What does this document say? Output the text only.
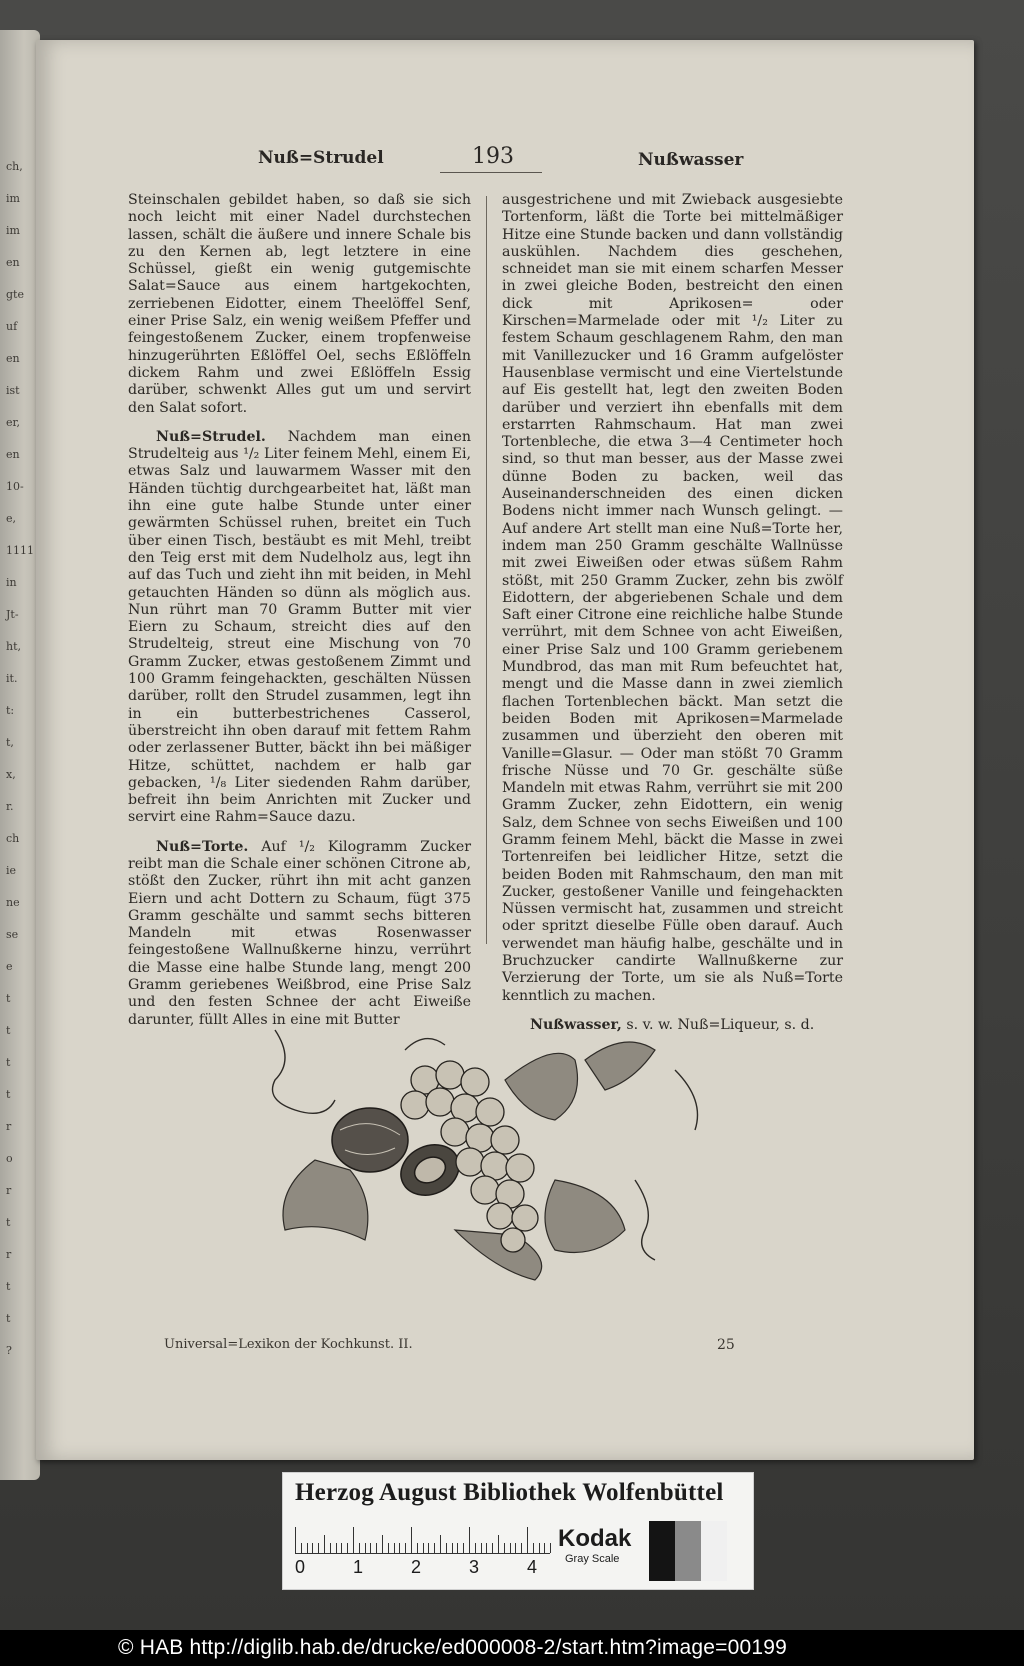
ch,
im
im
en
gte
uf
en
ist
er,
en
10-
e,
1111
in
Jt-
ht,
it.
t:
t,
x,
r.
ch
ie
ne
se
e
t
t
t
t
r
o
r
t
r
t
t
?
Nuß=Strudel	193	Nußwasser

Steinschalen gebildet haben, so daß sie sich noch leicht mit einer Nadel durchstechen lassen, schält die äußere und innere Schale bis zu den Kernen ab, legt letztere in eine Schüssel, gießt ein wenig gutgemischte Salat=Sauce aus einem hartgekochten, zerriebenen Eidotter, einem Theelöffel Senf, einer Prise Salz, ein wenig weißem Pfeffer und feingestoßenem Zucker, einem tropfenweise hinzugerührten Eßlöffel Oel, sechs Eßlöffeln dickem Rahm und zwei Eßlöffeln Essig darüber, schwenkt Alles gut um und servirt den Salat sofort.

Nuß=Strudel. Nachdem man einen Strudelteig aus ¹/₂ Liter feinem Mehl, einem Ei, etwas Salz und lauwarmem Wasser mit den Händen tüchtig durchgearbeitet hat, läßt man ihn eine gute halbe Stunde unter einer gewärmten Schüssel ruhen, breitet ein Tuch über einen Tisch, bestäubt es mit Mehl, treibt den Teig erst mit dem Nudelholz aus, legt ihn auf das Tuch und zieht ihn mit beiden, in Mehl getauchten Händen so dünn als möglich aus. Nun rührt man 70 Gramm Butter mit vier Eiern zu Schaum, streicht dies auf den Strudelteig, streut eine Mischung von 70 Gramm Zucker, etwas gestoßenem Zimmt und 100 Gramm feingehackten, geschälten Nüssen darüber, rollt den Strudel zusammen, legt ihn in ein butterbestrichenes Casserol, überstreicht ihn oben darauf mit fettem Rahm oder zerlassener Butter, bäckt ihn bei mäßiger Hitze, schüttet, nachdem er halb gar gebacken, ¹/₈ Liter siedenden Rahm darüber, befreit ihn beim Anrichten mit Zucker und servirt eine Rahm=Sauce dazu.

Nuß=Torte. Auf ¹/₂ Kilogramm Zucker reibt man die Schale einer schönen Citrone ab, stößt den Zucker, rührt ihn mit acht ganzen Eiern und acht Dottern zu Schaum, fügt 375 Gramm geschälte und sammt sechs bitteren Mandeln mit etwas Rosenwasser feingestoßene Wallnußkerne hinzu, verrührt die Masse eine halbe Stunde lang, mengt 200 Gramm geriebenes Weißbrod, eine Prise Salz und den festen Schnee der acht Eiweiße darunter, füllt Alles in eine mit Butter

ausgestrichene und mit Zwieback ausgesiebte Tortenform, läßt die Torte bei mittelmäßiger Hitze eine Stunde backen und dann vollständig auskühlen. Nachdem dies geschehen, schneidet man sie mit einem scharfen Messer in zwei gleiche Boden, bestreicht den einen dick mit Aprikosen= oder Kirschen=Marmelade oder mit ¹/₂ Liter zu festem Schaum geschlagenem Rahm, den man mit Vanillezucker und 16 Gramm aufgelöster Hausenblase vermischt und eine Viertelstunde auf Eis gestellt hat, legt den zweiten Boden darüber und verziert ihn ebenfalls mit dem erstarrten Rahmschaum. Hat man zwei Tortenbleche, die etwa 3—4 Centimeter hoch sind, so thut man besser, aus der Masse zwei dünne Boden zu backen, weil das Auseinanderschneiden des einen dicken Bodens nicht immer nach Wunsch gelingt. — Auf andere Art stellt man eine Nuß=Torte her, indem man 250 Gramm geschälte Wallnüsse mit zwei Eiweißen oder etwas süßem Rahm stößt, mit 250 Gramm Zucker, zehn bis zwölf Eidottern, der abgeriebenen Schale und dem Saft einer Citrone eine reichliche halbe Stunde verrührt, mit dem Schnee von acht Eiweißen, einer Prise Salz und 100 Gramm geriebenem Mundbrod, das man mit Rum befeuchtet hat, mengt und die Masse dann in zwei ziemlich flachen Tortenblechen bäckt. Man setzt die beiden Boden mit Aprikosen=Marmelade zusammen und überzieht den oberen mit Vanille=Glasur. — Oder man stößt 70 Gramm frische Nüsse und 70 Gr. geschälte süße Mandeln mit etwas Rahm, verrührt sie mit 200 Gramm Zucker, zehn Eidottern, ein wenig Salz, dem Schnee von sechs Eiweißen und 100 Gramm feinem Mehl, bäckt die Masse in zwei Tortenreifen bei leidlicher Hitze, setzt die beiden Boden mit Rahmschaum, den man mit Zucker, gestoßener Vanille und feingehackten Nüssen vermischt hat, zusammen und streicht oder spritzt dieselbe Fülle oben darauf. Auch verwendet man häufig halbe, geschälte und in Bruchzucker candirte Wallnußkerne zur Verzierung der Torte, um sie als Nuß=Torte kenntlich zu machen.

Nußwasser, s. v. w. Nuß=Liqueur, s. d.

Universal=Lexikon der Kochkunst. II.	25
Herzog August Bibliothek Wolfenbüttel
0	1	2	3	4
Kodak
Gray Scale
© HAB http://diglib.hab.de/drucke/ed000008-2/start.htm?image=00199
